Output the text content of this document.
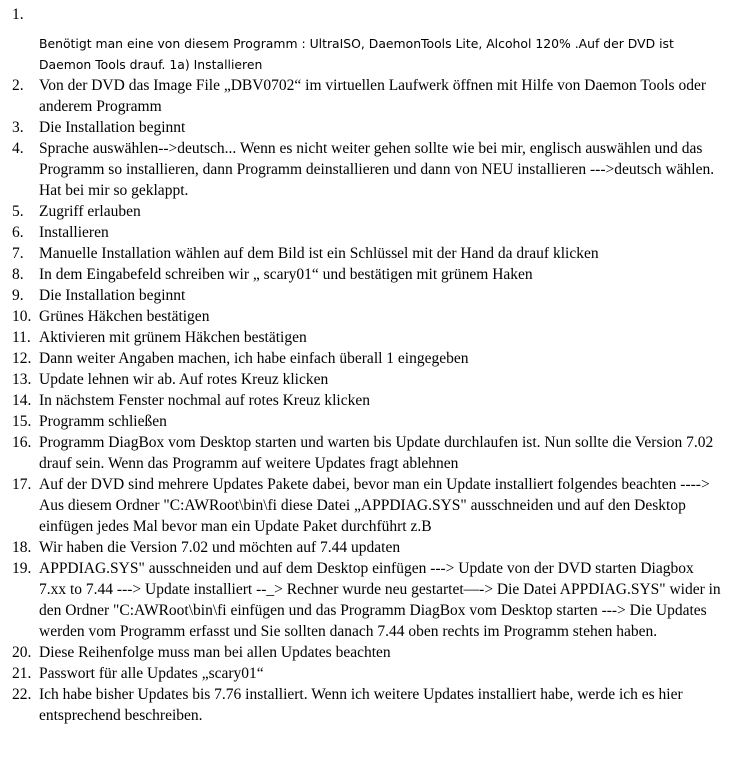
1.
Benötigt man eine von diesem Programm : UltraISO, DaemonTools Lite, Alcohol 120% .Auf der DVD ist Daemon Tools drauf. 1a) Installieren
2. Von der DVD das Image File „DBV0702“ im virtuellen Laufwerk öffnen mit Hilfe von Daemon Tools oder anderem Programm
3. Die Installation beginnt
4. Sprache auswählen-->deutsch... Wenn es nicht weiter gehen sollte wie bei mir, englisch auswählen und das Programm so installieren, dann Programm deinstallieren und dann von NEU installieren --->deutsch wählen. Hat bei mir so geklappt.
5. Zugriff erlauben
6. Installieren
7. Manuelle Installation wählen auf dem Bild ist ein Schlüssel mit der Hand da drauf klicken
8. In dem Eingabefeld schreiben wir „ scary01“ und bestätigen mit grünem Haken
9. Die Installation beginnt
10. Grünes Häkchen bestätigen
11. Aktivieren mit grünem Häkchen bestätigen
12. Dann weiter Angaben machen, ich habe einfach überall 1 eingegeben
13. Update lehnen wir ab. Auf rotes Kreuz klicken
14. In nächstem Fenster nochmal auf rotes Kreuz klicken
15. Programm schließen
16. Programm DiagBox vom Desktop starten und warten bis Update durchlaufen ist. Nun sollte die Version 7.02 drauf sein. Wenn das Programm auf weitere Updates fragt ablehnen
17. Auf der DVD sind mehrere Updates Pakete dabei, bevor man ein Update installiert folgendes beachten ----> Aus diesem Ordner "C:AWRoot\bin\fi diese Datei „APPDIAG.SYS" ausschneiden und auf den Desktop einfügen jedes Mal bevor man ein Update Paket durchführt z.B
18. Wir haben die Version 7.02 und möchten auf 7.44 updaten
19. APPDIAG.SYS" ausschneiden und auf dem Desktop einfügen ---> Update von der DVD starten Diagbox 7.xx to 7.44 ---> Update installiert --_> Rechner wurde neu gestartet—-> Die Datei APPDIAG.SYS" wider in den Ordner "C:AWRoot\bin\fi einfügen und das Programm DiagBox vom Desktop starten ---> Die Updates werden vom Programm erfasst und Sie sollten danach 7.44 oben rechts im Programm stehen haben.
20. Diese Reihenfolge muss man bei allen Updates beachten
21. Passwort für alle Updates „scary01“
22. Ich habe bisher Updates bis 7.76 installiert. Wenn ich weitere Updates installiert habe, werde ich es hier entsprechend beschreiben.
